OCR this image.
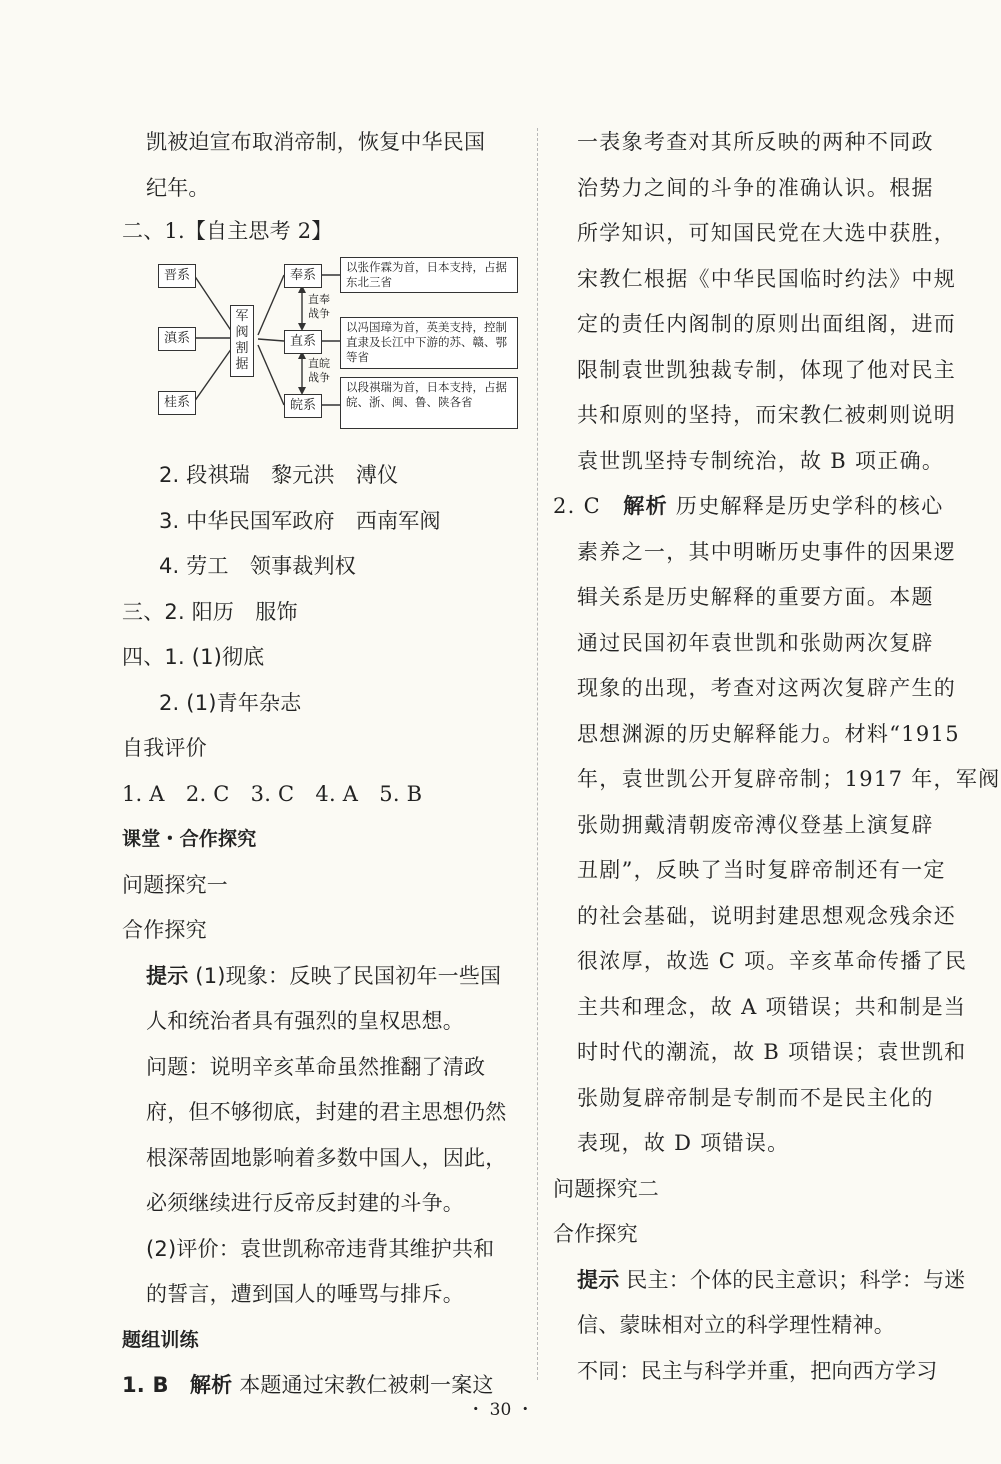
凯被迫宣布取消帝制，恢复中华民国
纪年。
二、1.【自主思考 2】
晋系
滇系
桂系
军阀割据
奉系
直系
皖系
直奉战争
直皖战争
以张作霖为首，日本支持，占据东北三省
以冯国璋为首，英美支持，控制直隶及长江中下游的苏、赣、鄂等省
以段祺瑞为首，日本支持，占据皖、浙、闽、鲁、陕各省
2. 段祺瑞　黎元洪　溥仪
3. 中华民国军政府　西南军阀
4. 劳工　领事裁判权
三、2. 阳历　服饰
四、1. (1)彻底
2. (1)青年杂志
自我评价
1. A　2. C　3. C　4. A　5. B
课堂・合作探究
问题探究一
合作探究
提示 (1)现象：反映了民国初年一些国
人和统治者具有强烈的皇权思想。
问题：说明辛亥革命虽然推翻了清政
府，但不够彻底，封建的君主思想仍然
根深蒂固地影响着多数中国人，因此，
必须继续进行反帝反封建的斗争。
(2)评价：袁世凯称帝违背其维护共和
的誓言，遭到国人的唾骂与排斥。
题组训练
1. B　 解析 本题通过宋教仁被刺一案这
一表象考查对其所反映的两种不同政
治势力之间的斗争的准确认识。根据
所学知识，可知国民党在大选中获胜，
宋教仁根据《中华民国临时约法》中规
定的责任内阁制的原则出面组阁，进而
限制袁世凯独裁专制，体现了他对民主
共和原则的坚持，而宋教仁被刺则说明
袁世凯坚持专制统治，故 B 项正确。
2. C　 解析 历史解释是历史学科的核心
素养之一，其中明晰历史事件的因果逻
辑关系是历史解释的重要方面。本题
通过民国初年袁世凯和张勋两次复辟
现象的出现，考查对这两次复辟产生的
思想渊源的历史解释能力。材料“1915
年，袁世凯公开复辟帝制；1917 年，军阀
张勋拥戴清朝废帝溥仪登基上演复辟
丑剧”，反映了当时复辟帝制还有一定
的社会基础，说明封建思想观念残余还
很浓厚，故选 C 项。辛亥革命传播了民
主共和理念，故 A 项错误；共和制是当
时时代的潮流，故 B 项错误；袁世凯和
张勋复辟帝制是专制而不是民主化的
表现，故 D 项错误。
问题探究二
合作探究
提示 民主：个体的民主意识；科学：与迷
信、蒙昧相对立的科学理性精神。
不同：民主与科学并重，把向西方学习
・ 30 ・
